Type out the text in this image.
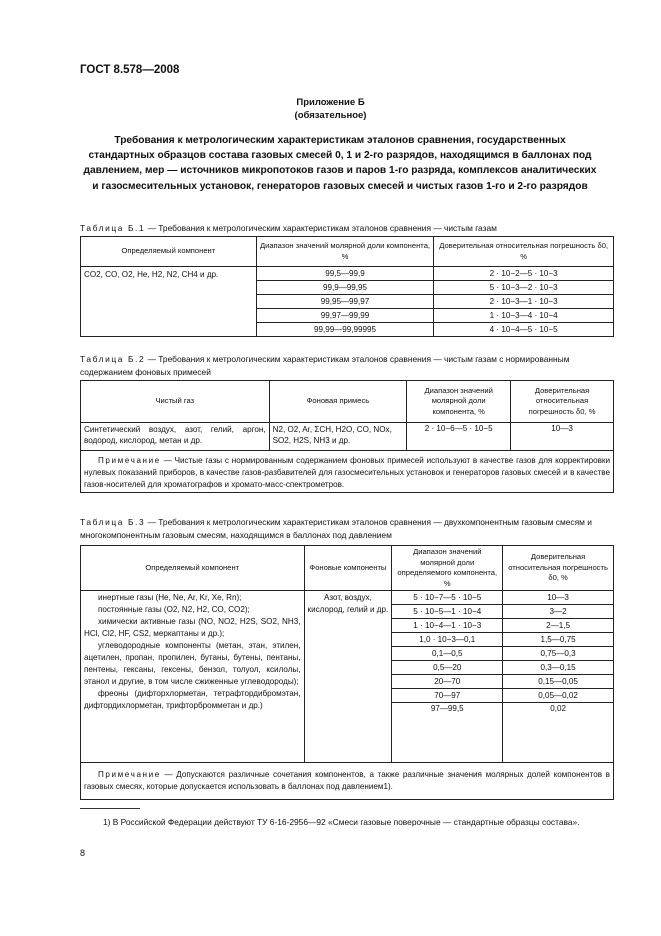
ГОСТ 8.578—2008
Приложение Б
(обязательное)
Требования к метрологическим характеристикам эталонов сравнения, государственных стандартных образцов состава газовых смесей 0, 1 и 2-го разрядов, находящимся в баллонах под давлением, мер — источников микропотоков газов и паров 1-го разряда, комплексов аналитических и газосмесительных установок, генераторов газовых смесей и чистых газов 1-го и 2-го разрядов
Таблица Б.1 — Требования к метрологическим характеристикам эталонов сравнения — чистым газам
Определяемый компонент	Диапазон значений молярной доли компонента, %	Доверительная относительная погрешность δ0, %
CO2, CO, O2, He, H2, N2, CH4 и др.	99,5—99,9	2 · 10−2—5 · 10−3
	99,9—99,95	5 · 10−3—2 · 10−3
	99,95—99,97	2 · 10−3—1 · 10−3
	99,97—99,99	1 · 10−3—4 · 10−4
	99,99—99,99995	4 · 10−4—5 · 10−5
Таблица Б.2 — Требования к метрологическим характеристикам эталонов сравнения — чистым газам с нормированным содержанием фоновых примесей
Чистый газ	Фоновая примесь	Диапазон значений молярной доли компонента, %	Доверительная относительная погрешность δ0, %
Синтетический воздух, азот, гелий, аргон, водород, кислород, метан и др.	N2, O2, Ar, ΣCH, H2O, CO, NOx, SO2, H2S, NH3 и др.	2 · 10−6—5 · 10−5	10—3
Примечание — Чистые газы с нормированным содержанием фоновых примесей используют в качестве газов для корректировки нулевых показаний приборов, в качестве газов-разбавителей для газосмесительных установок и генераторов газовых смесей и в качестве газов-носителей для хроматографов и хромато-масс-спектрометров.			
Таблица Б.3 — Требования к метрологическим характеристикам эталонов сравнения — двухкомпонентным газовым смесям и многокомпонентным газовым смесям, находящимся в баллонах под давлением
Определяемый компонент	Фоновые компоненты	Диапазон значений молярной доли определяемого компонента, %	Доверительная относительная погрешность δ0, %

инертные газы (He, Ne, Ar, Kr, Xe, Rn);
постоянные газы (O2, N2, H2, CO, CO2);
химически активные газы (NO, NO2, H2S, SO2, NH3, HCl, Cl2, HF, CS2, меркаптаны и др.);
углеводородные компоненты (метан, этан, этилен, ацетилен, пропан, пропилен, бутаны, бутены, пентаны, пентены, гексаны, гексены, бензол, толуол, ксилолы, этанол и другие, в том числе сжиженные углеводороды);
фреоны (дифторхлорметан, тетрафтордибромэтан, дифтордихлорметан, трифторбромметан и др.)	Азот, воздух, кислород, гелий и др.	5 · 10−7—5 · 10−5	10—3
		5 · 10−5—1 · 10−4	3—2
		1 · 10−4—1 · 10−3	2—1,5
		1,0 · 10−3—0,1	1,5—0,75
		0,1—0,5	0,75—0,3
		0,5—20	0,3—0,15
		20—70	0,15—0,05
		70—97	0,05—0,02
		97—99,5	0,02
Примечание — Допускаются различные сочетания компонентов, а также различные значения молярных долей компонентов в газовых смесях, которые допускается использовать в баллонах под давлением1).			
1) В Российской Федерации действуют ТУ 6-16-2956—92 «Смеси газовые поверочные — стандартные образцы состава».
8
